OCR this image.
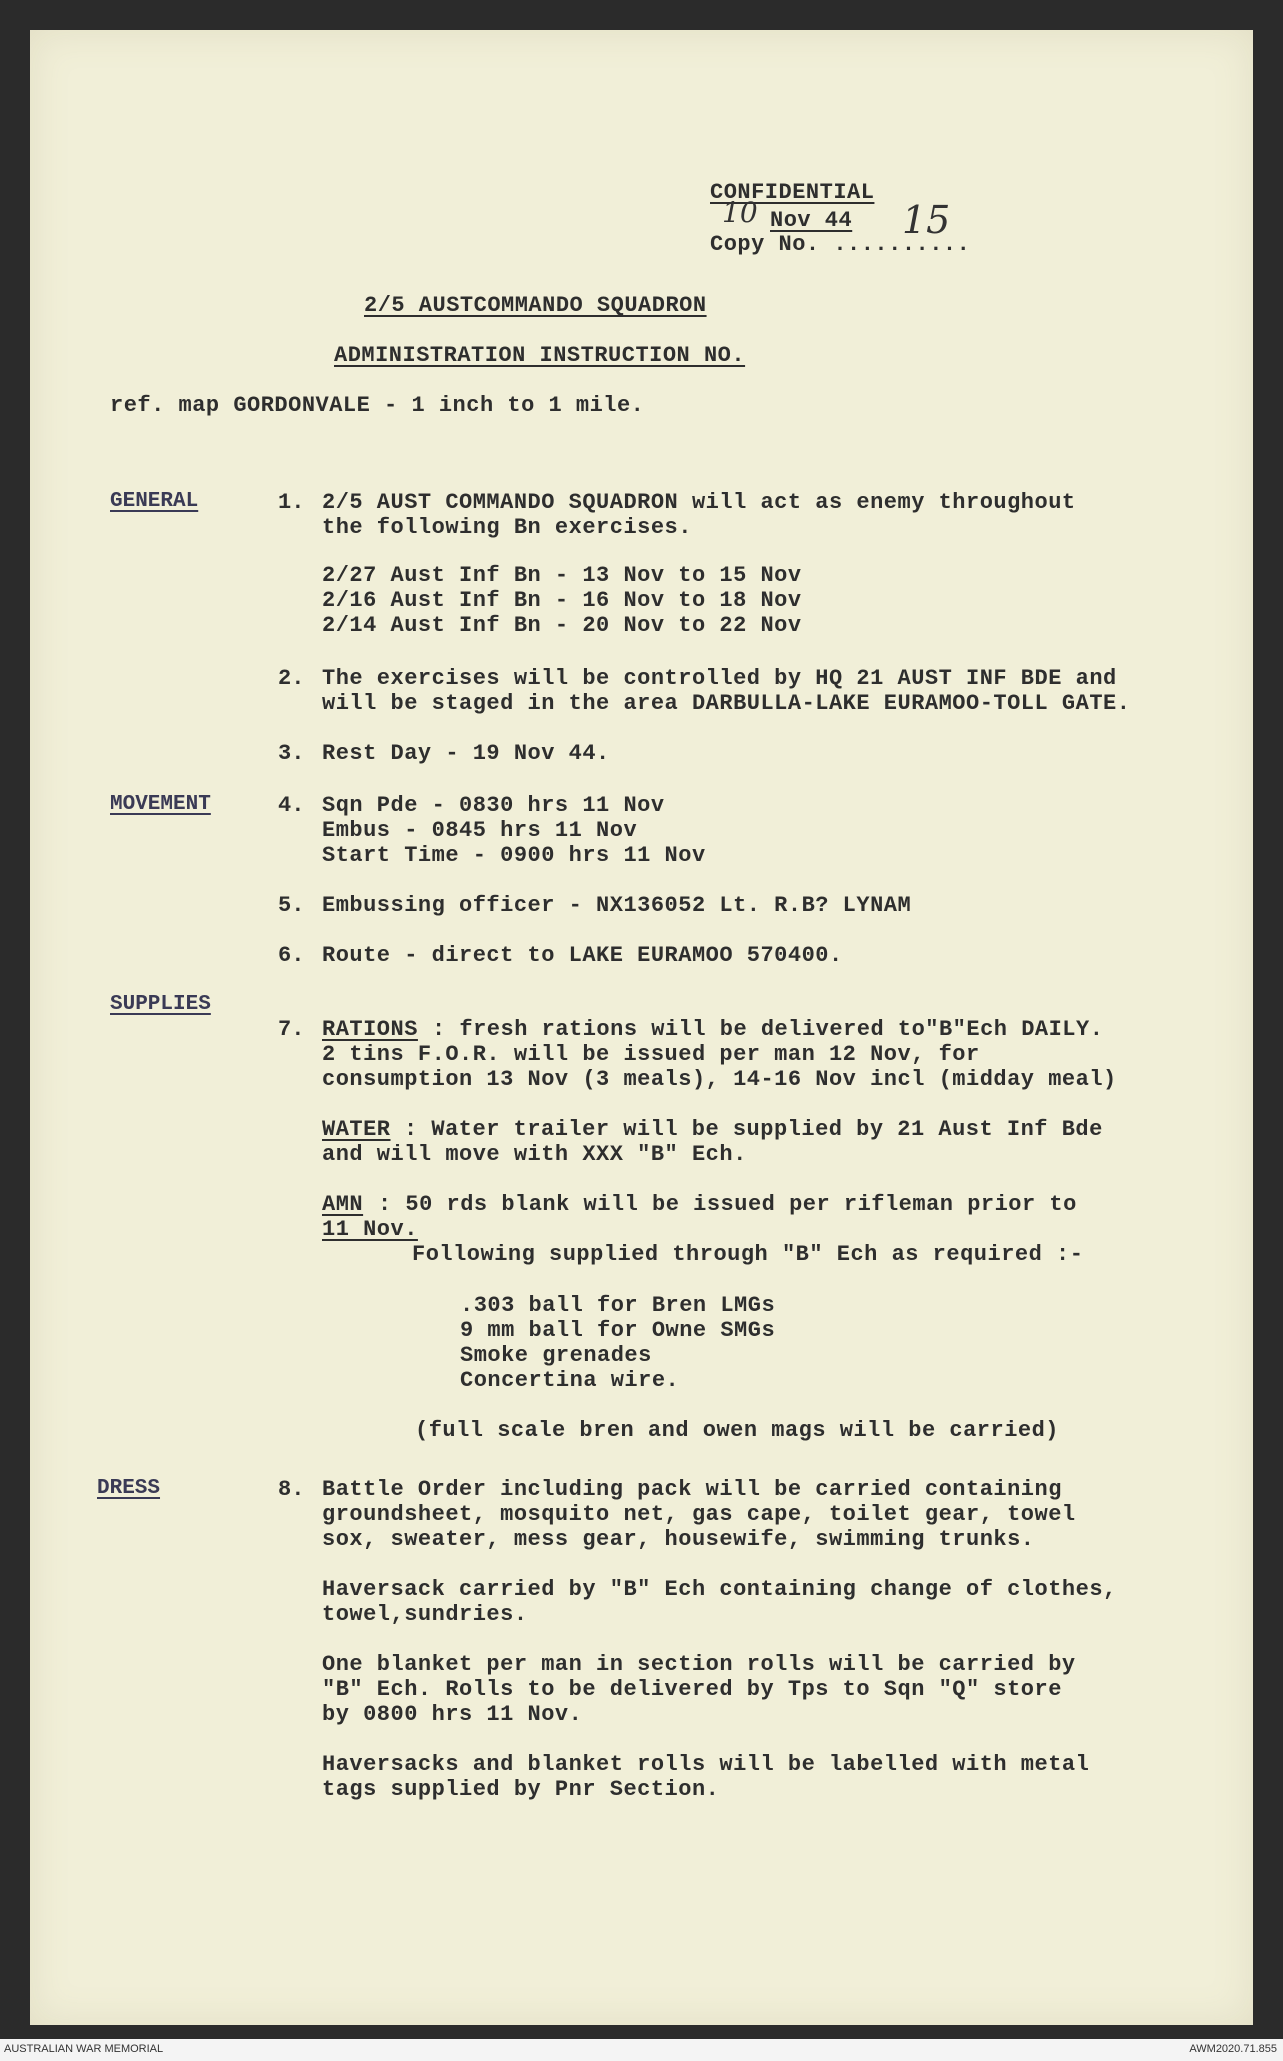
CONFIDENTIAL
10 Nov 44 15
Copy No. ..........
2/5 AUSTCOMMANDO SQUADRON
ADMINISTRATION INSTRUCTION NO.
ref. map GORDONVALE - 1 inch to 1 mile.
GENERAL
MOVEMENT
SUPPLIES
DRESS
1. 2/5 AUST COMMANDO SQUADRON will act as enemy throughout
the following Bn exercises.
2/27 Aust Inf Bn - 13 Nov to 15 Nov
2/16 Aust Inf Bn - 16 Nov to 18 Nov
2/14 Aust Inf Bn - 20 Nov to 22 Nov
2. The exercises will be controlled by HQ 21 AUST INF BDE and
will be staged in the area DARBULLA-LAKE EURAMOO-TOLL GATE.
3. Rest Day - 19 Nov 44.
4. Sqn Pde - 0830 hrs 11 Nov
Embus - 0845 hrs 11 Nov
Start Time - 0900 hrs 11 Nov
5. Embussing officer - NX136052 Lt. R.B? LYNAM
6. Route - direct to LAKE EURAMOO 570400.
7. RATIONS : fresh rations will be delivered to"B"Ech DAILY.
2 tins F.O.R. will be issued per man 12 Nov, for
consumption 13 Nov (3 meals), 14-16 Nov incl (midday meal)
WATER : Water trailer will be supplied by 21 Aust Inf Bde
and will move with XXX "B" Ech.
AMN : 50 rds blank will be issued per rifleman prior to
11 Nov.
Following supplied through "B" Ech as required :-
.303 ball for Bren LMGs
9 mm ball for Owne SMGs
Smoke grenades
Concertina wire.
(full scale bren and owen mags will be carried)
8. Battle Order including pack will be carried containing
groundsheet, mosquito net, gas cape, toilet gear, towel
sox, sweater, mess gear, housewife, swimming trunks.
Haversack carried by "B" Ech containing change of clothes,
towel,sundries.
One blanket per man in section rolls will be carried by
"B" Ech. Rolls to be delivered by Tps to Sqn "Q" store
by 0800 hrs 11 Nov.
Haversacks and blanket rolls will be labelled with metal
tags supplied by Pnr Section.
AUSTRALIAN WAR MEMORIAL	AWM2020.71.855
